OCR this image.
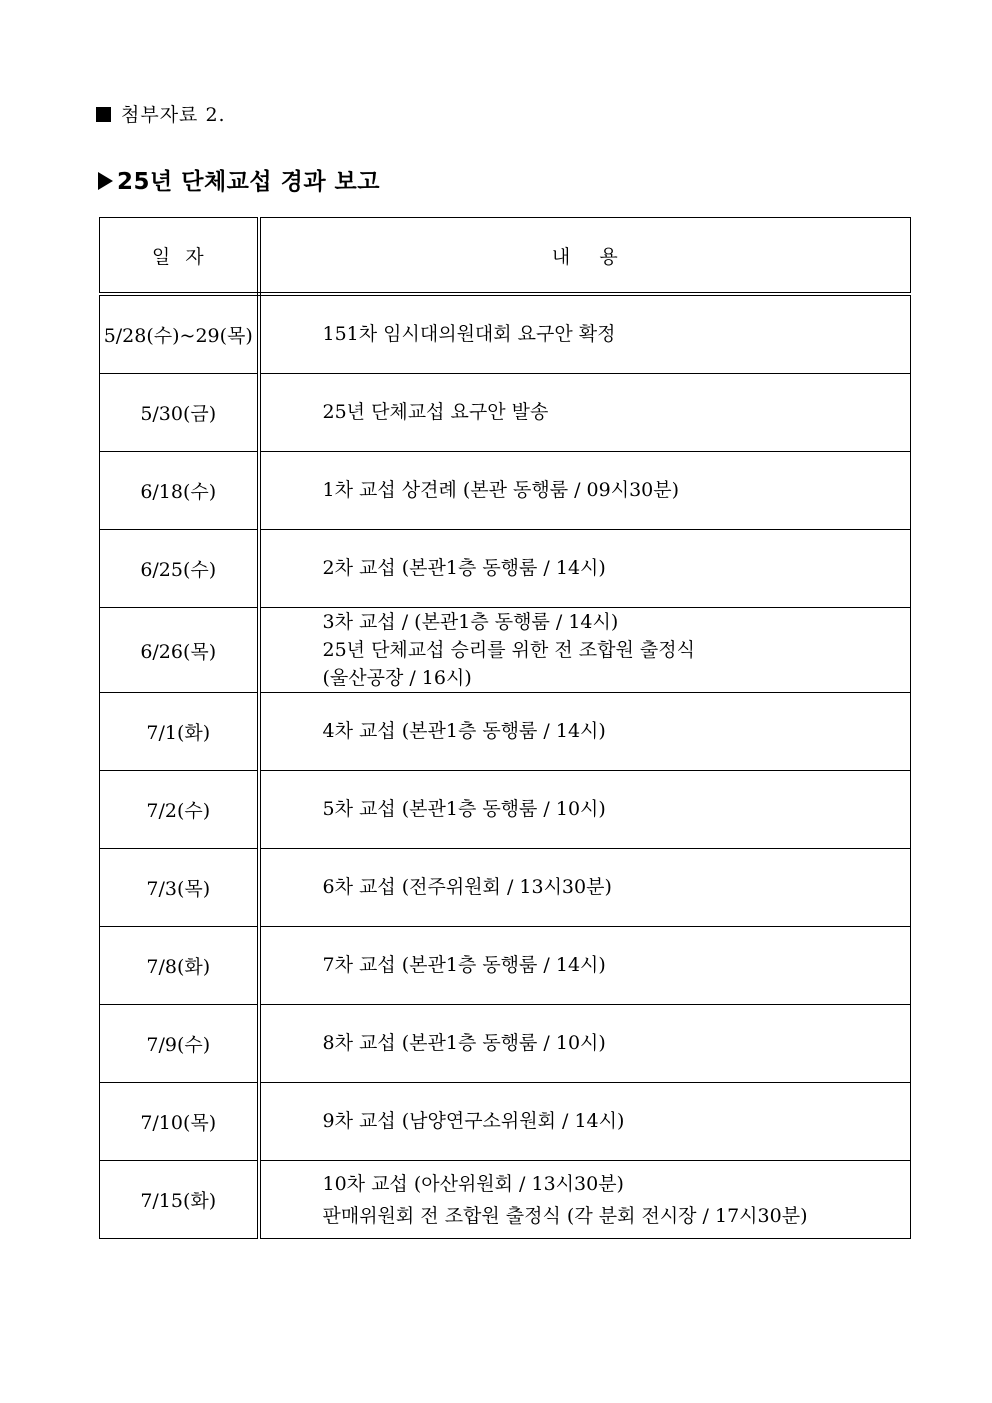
첨부자료 2.
25년 단체교섭 경과 보고
일  자	내    용
5/28(수)~29(목)	151차 임시대의원대회 요구안 확정

5/30(금)	25년 단체교섭 요구안 발송

6/18(수)	1차 교섭 상견례 (본관 동행룸 / 09시30분)

6/25(수)	2차 교섭 (본관1층 동행룸 / 14시)

6/26(목)	3차 교섭 / (본관1층 동행룸 / 14시)
25년 단체교섭 승리를 위한 전 조합원 출정식
(울산공장 / 16시)

7/1(화)	4차 교섭 (본관1층 동행룸 / 14시)

7/2(수)	5차 교섭 (본관1층 동행룸 / 10시)

7/3(목)	6차 교섭 (전주위원회 / 13시30분)

7/8(화)	7차 교섭 (본관1층 동행룸 / 14시)

7/9(수)	8차 교섭 (본관1층 동행룸 / 10시)

7/10(목)	9차 교섭 (남양연구소위원회 / 14시)

7/15(화)	10차 교섭 (아산위원회 / 13시30분)
판매위원회 전 조합원 출정식 (각 분회 전시장 / 17시30분)
